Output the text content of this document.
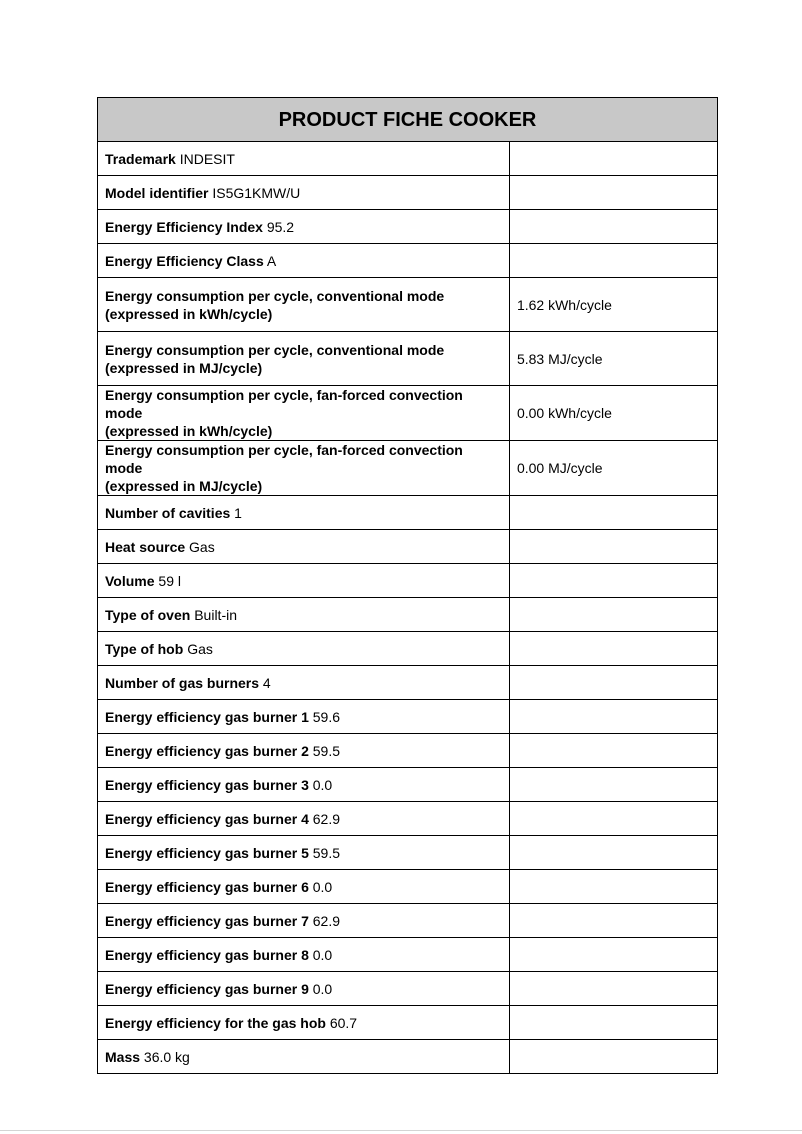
PRODUCT FICHE COOKER	
Trademark INDESIT	
Model identifier IS5G1KMW/U	
Energy Efficiency Index 95.2	
Energy Efficiency Class A	
Energy consumption per cycle, conventional mode
(expressed in kWh/cycle)	1.62 kWh/cycle
Energy consumption per cycle, conventional mode
(expressed in MJ/cycle)	5.83 MJ/cycle
Energy consumption per cycle, fan-forced convection mode
(expressed in kWh/cycle)	0.00 kWh/cycle
Energy consumption per cycle, fan-forced convection mode
(expressed in MJ/cycle)	0.00 MJ/cycle
Number of cavities 1	
Heat source Gas	
Volume 59 l	
Type of oven Built-in	
Type of hob Gas	
Number of gas burners 4	
Energy efficiency gas burner 1 59.6	
Energy efficiency gas burner 2 59.5	
Energy efficiency gas burner 3 0.0	
Energy efficiency gas burner 4 62.9	
Energy efficiency gas burner 5 59.5	
Energy efficiency gas burner 6 0.0	
Energy efficiency gas burner 7 62.9	
Energy efficiency gas burner 8 0.0	
Energy efficiency gas burner 9 0.0	
Energy efficiency for the gas hob 60.7	
Mass 36.0 kg	
